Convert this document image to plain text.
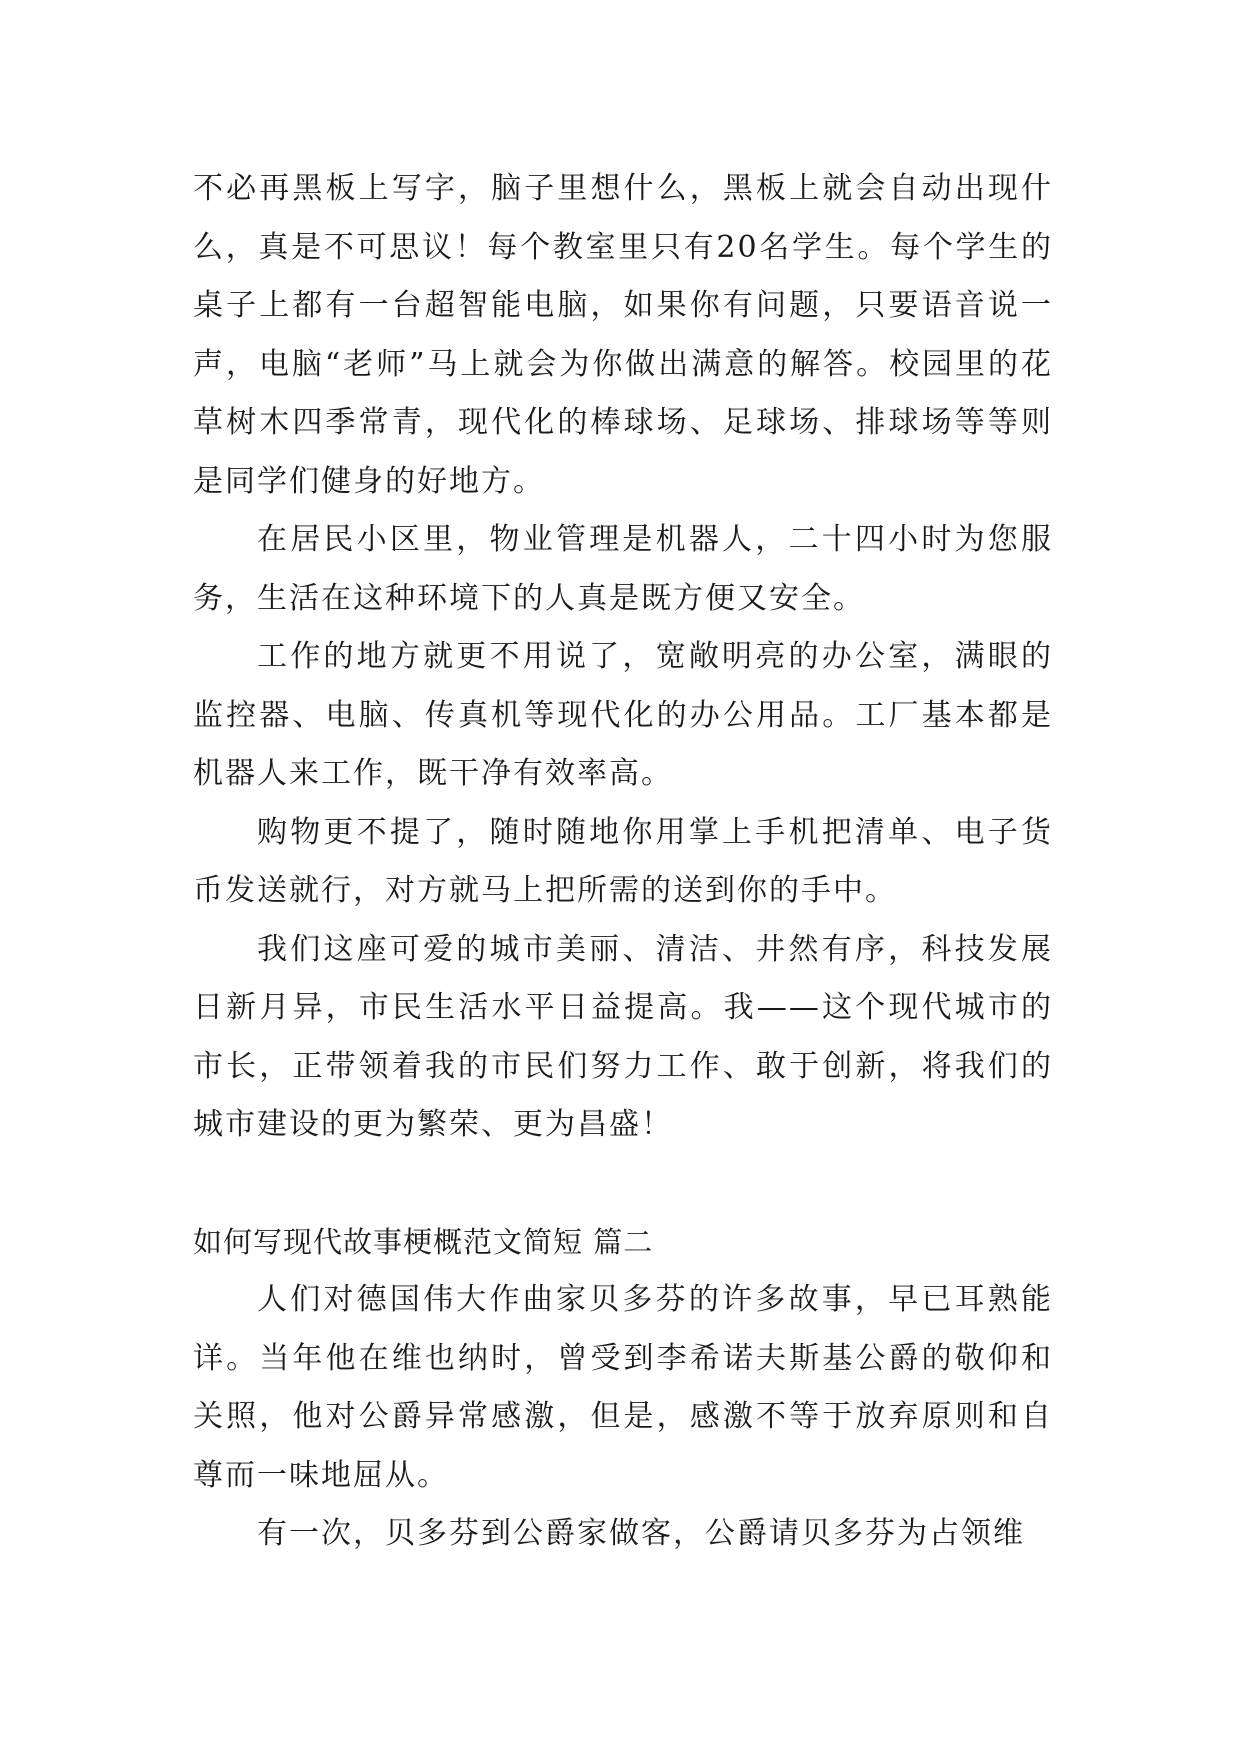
不必再黑板上写字，脑子里想什么，黑板上就会自动出现什么，真是不可思议！每个教室里只有20名学生。每个学生的桌子上都有一台超智能电脑，如果你有问题，只要语音说一声，电脑“老师”马上就会为你做出满意的解答。校园里的花草树木四季常青，现代化的棒球场、足球场、排球场等等则是同学们健身的好地方。

在居民小区里，物业管理是机器人，二十四小时为您服务，生活在这种环境下的人真是既方便又安全。

工作的地方就更不用说了，宽敞明亮的办公室，满眼的监控器、电脑、传真机等现代化的办公用品。工厂基本都是机器人来工作，既干净有效率高。

购物更不提了，随时随地你用掌上手机把清单、电子货币发送就行，对方就马上把所需的送到你的手中。

我们这座可爱的城市美丽、清洁、井然有序，科技发展日新月异，市民生活水平日益提高。我——这个现代城市的市长，正带领着我的市民们努力工作、敢于创新，将我们的城市建设的更为繁荣、更为昌盛！

如何写现代故事梗概范文简短 篇二

人们对德国伟大作曲家贝多芬的许多故事，早已耳熟能详。当年他在维也纳时，曾受到李希诺夫斯基公爵的敬仰和关照，他对公爵异常感激，但是，感激不等于放弃原则和自尊而一味地屈从。

有一次，贝多芬到公爵家做客，公爵请贝多芬为占领维
